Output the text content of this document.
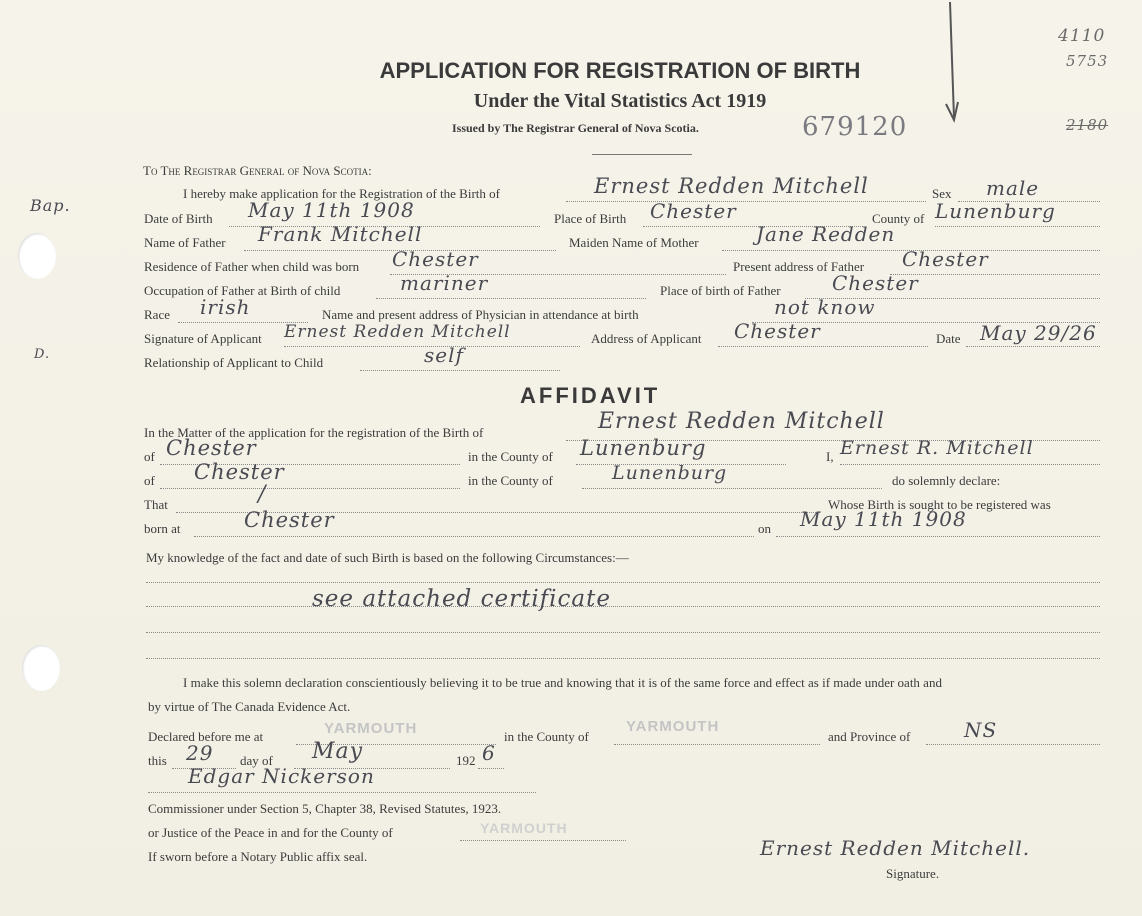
Bap.
D.
4110
5753
2180
APPLICATION FOR REGISTRATION OF BIRTH
Under the Vital Statistics Act 1919
Issued by The Registrar General of Nova Scotia.	679120
To The Registrar General of Nova Scotia:
I hereby make application for the Registration of the Birth of	Ernest Redden Mitchell	Sex male
Date of Birth May 11th 1908	Place of Birth Chester	County of Lunenburg
Name of Father Frank Mitchell	Maiden Name of Mother	Jane Redden
Residence of Father when child was born Chester	Present address of Father Chester
Occupation of Father at Birth of child	mariner	Place of birth of Father	Chester
Race irish	Name and present address of Physician in attendance at birth	not know
Signature of Applicant Ernest Redden Mitchell	Address of Applicant Chester	Date May 29/26
Relationship of Applicant to Child	self
AFFIDAVIT
In the Matter of the application for the registration of the Birth of	Ernest Redden Mitchell
of Chester	in the County of Lunenburg	I, Ernest R. Mitchell
of Chester	in the County of	Lunenburg	do solemnly declare:
That	/	Whose Birth is sought to be registered was
born at	Chester	on May 11th 1908
My knowledge of the fact and date of such Birth is based on the following Circumstances:—
see attached certificate
I make this solemn declaration conscientiously believing it to be true and knowing that it is of the same force and effect as if made under oath and
by virtue of The Canada Evidence Act.
Declared before me at	YARMOUTH	in the County of
YARMOUTH
and Province of	NS
this 29 day of May	192 6
Edgar Nickerson
Commissioner under Section 5, Chapter 38, Revised Statutes, 1923.
or Justice of the Peace in and for the County of	YARMOUTH
If sworn before a Notary Public affix seal.	Ernest Redden Mitchell.
Signature.
